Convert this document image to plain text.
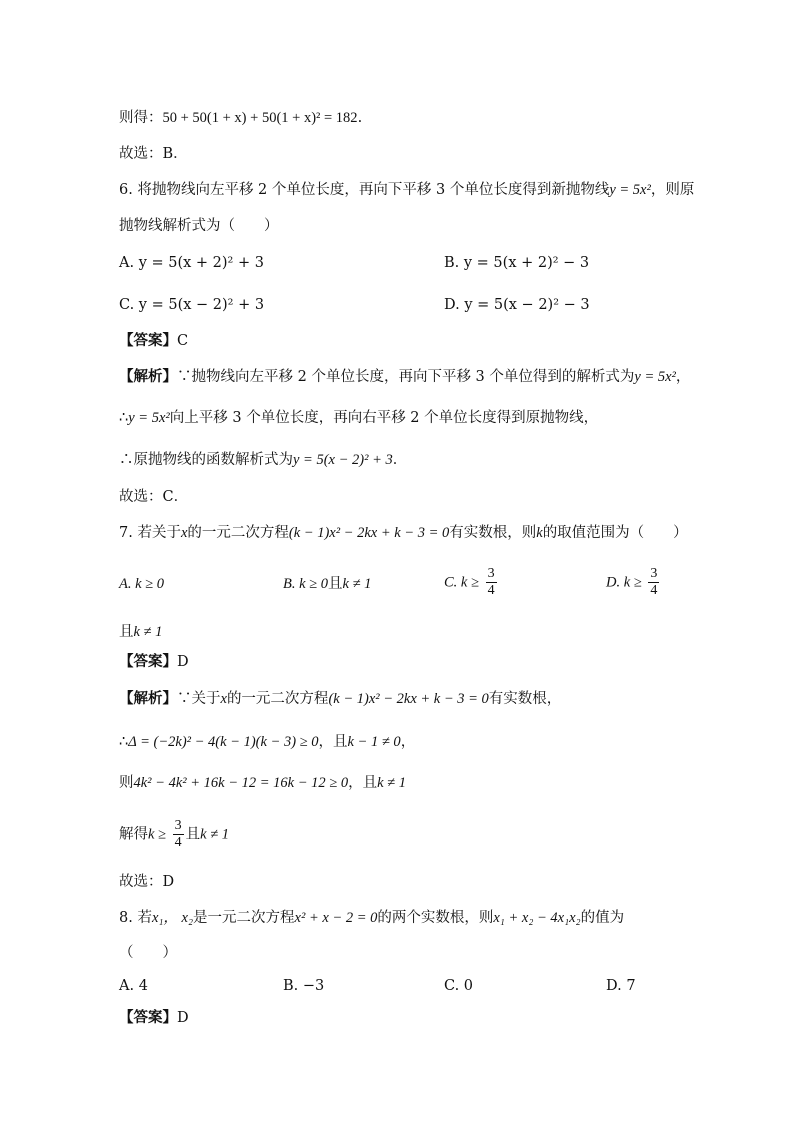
则得：50 + 50(1 + x) + 50(1 + x)² = 182.
故选：B．
6. 将抛物线向左平移 2 个单位长度，再向下平移 3 个单位长度得到新抛物线y = 5x²，则原
抛物线解析式为（　　）
A. y = 5(x + 2)² + 3	B. y = 5(x + 2)² − 3
C. y = 5(x − 2)² + 3	D. y = 5(x − 2)² − 3
【答案】C
【解析】∵抛物线向左平移 2 个单位长度，再向下平移 3 个单位得到的解析式为y = 5x²，
∴y = 5x²向上平移 3 个单位长度，再向右平移 2 个单位长度得到原抛物线，
∴原抛物线的函数解析式为y = 5(x − 2)² + 3．
故选：C．
7. 若关于x的一元二次方程(k − 1)x² − 2kx + k − 3 = 0有实数根，则k的取值范围为（　　）
A. k ≥ 0	B. k ≥ 0且k ≠ 1	C. $k \ge \frac{3}{4}$	D. $k \ge \frac{3}{4}$
且k ≠ 1
【答案】D
【解析】∵关于x的一元二次方程(k − 1)x² − 2kx + k − 3 = 0有实数根，
∴Δ = (−2k)² − 4(k − 1)(k − 3) ≥ 0，且k − 1 ≠ 0，
则4k² − 4k² + 16k − 12 = 16k − 12 ≥ 0，且k ≠ 1
解得$k \ge \frac{3}{4}$ 且k ≠ 1
故选：D
8. 若x₁， x₂是一元二次方程x² + x − 2 = 0的两个实数根，则x₁ + x₂ − 4x₁x₂的值为
（　　）
A. 4	B. −3	C. 0	D. 7
【答案】D
